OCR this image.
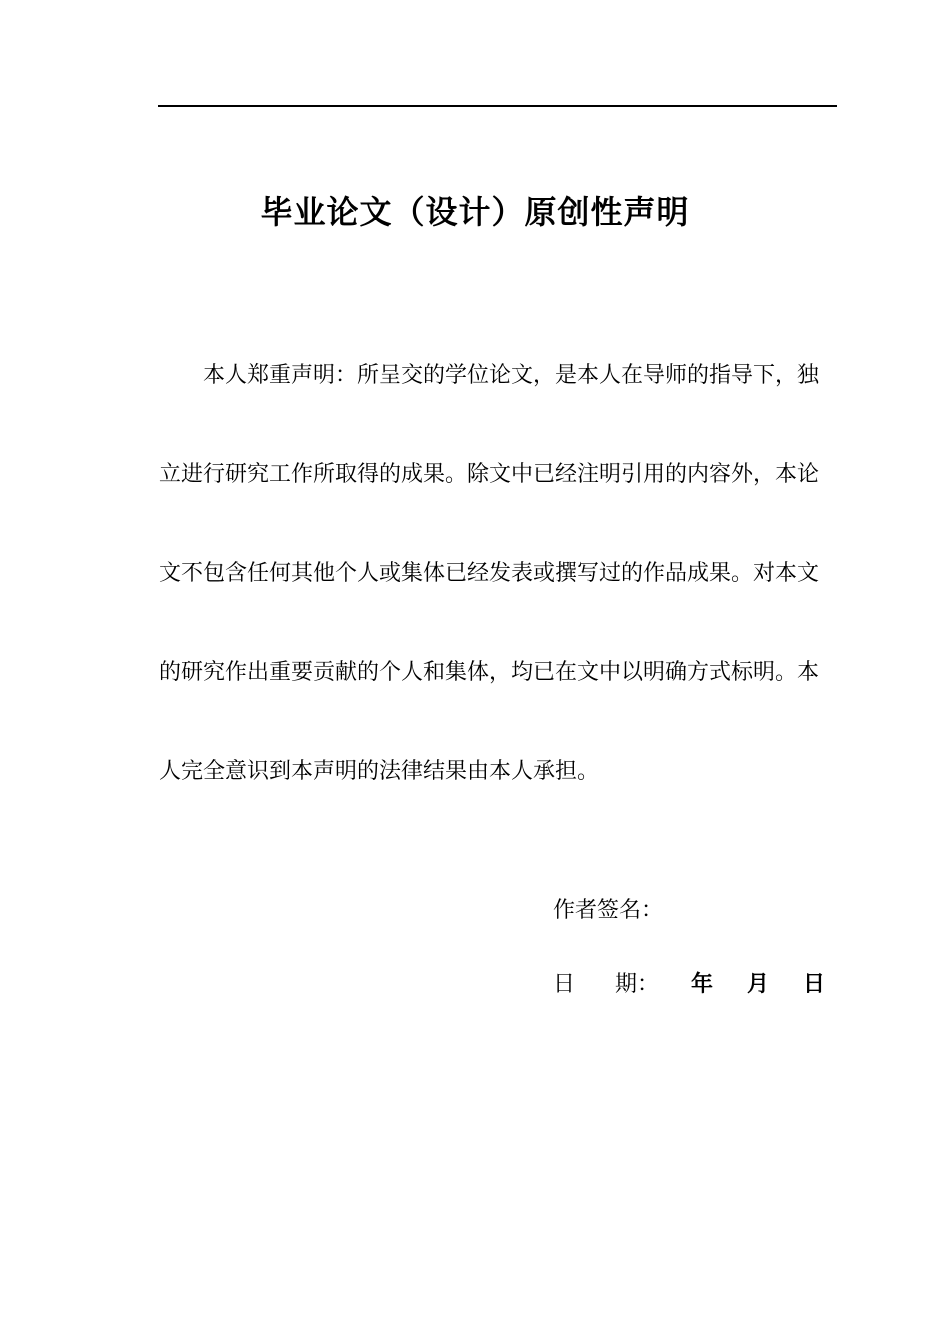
毕业论文（设计）原创性声明
本人郑重声明：所呈交的学位论文，是本人在导师的指导下，独
立进行研究工作所取得的成果。除文中已经注明引用的内容外，本论
文不包含任何其他个人或集体已经发表或撰写过的作品成果。对本文
的研究作出重要贡献的个人和集体，均已在文中以明确方式标明。本
人完全意识到本声明的法律结果由本人承担。
作者签名：
日 期： 年 月 日
